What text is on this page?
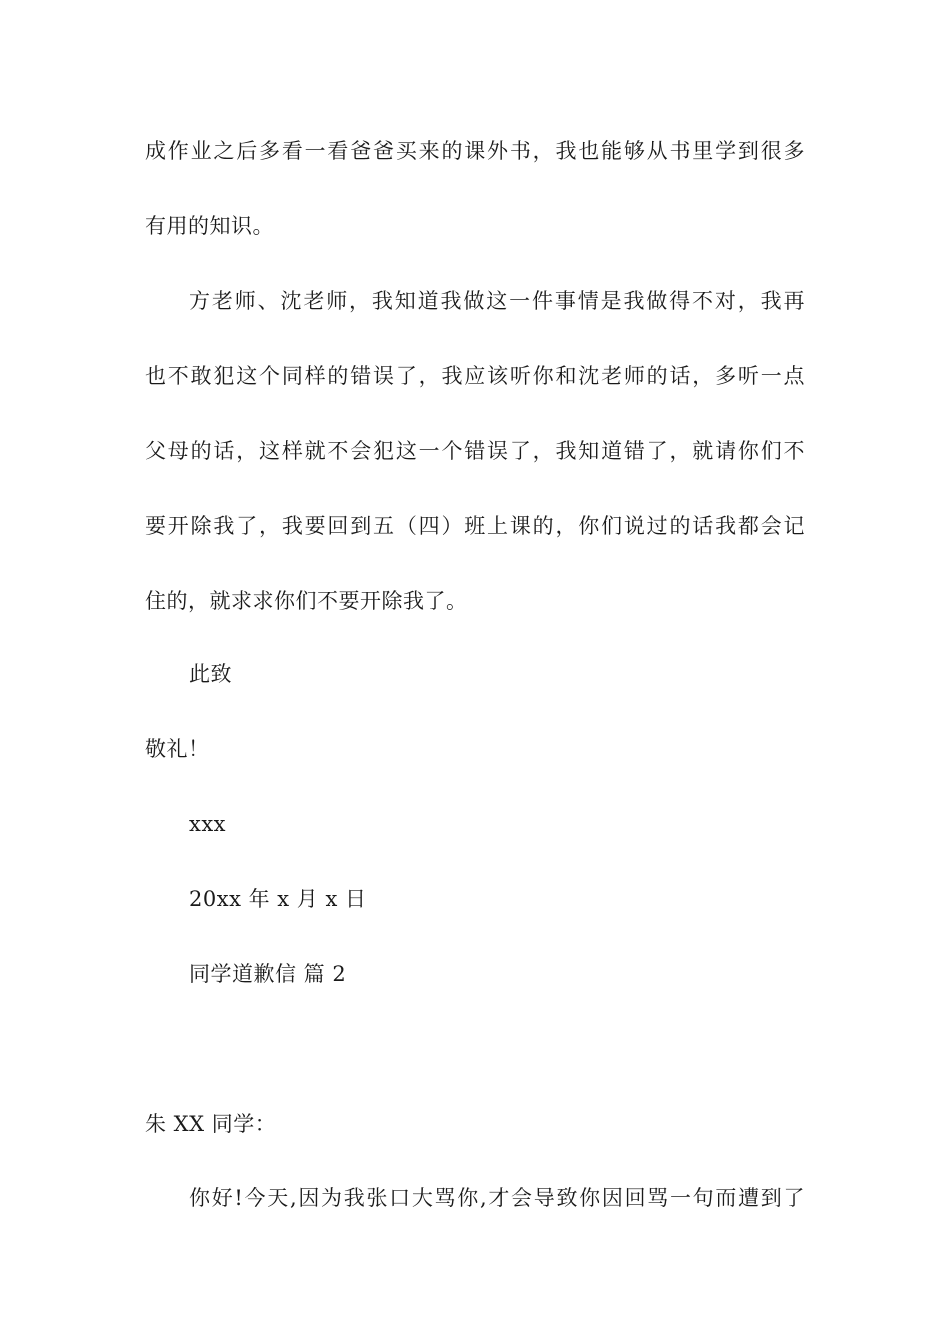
成作业之后多看一看爸爸买来的课外书，我也能够从书里学到很多
有用的知识。
方老师、沈老师，我知道我做这一件事情是我做得不对，我再
也不敢犯这个同样的错误了，我应该听你和沈老师的话，多听一点
父母的话，这样就不会犯这一个错误了，我知道错了，就请你们不
要开除我了，我要回到五（四）班上课的，你们说过的话我都会记
住的，就求求你们不要开除我了。
此致
敬礼！
xxx
20xx 年 x 月 x 日
同学道歉信 篇 2
朱 XX 同学：
你好!今天,因为我张口大骂你,才会导致你因回骂一句而遭到了
